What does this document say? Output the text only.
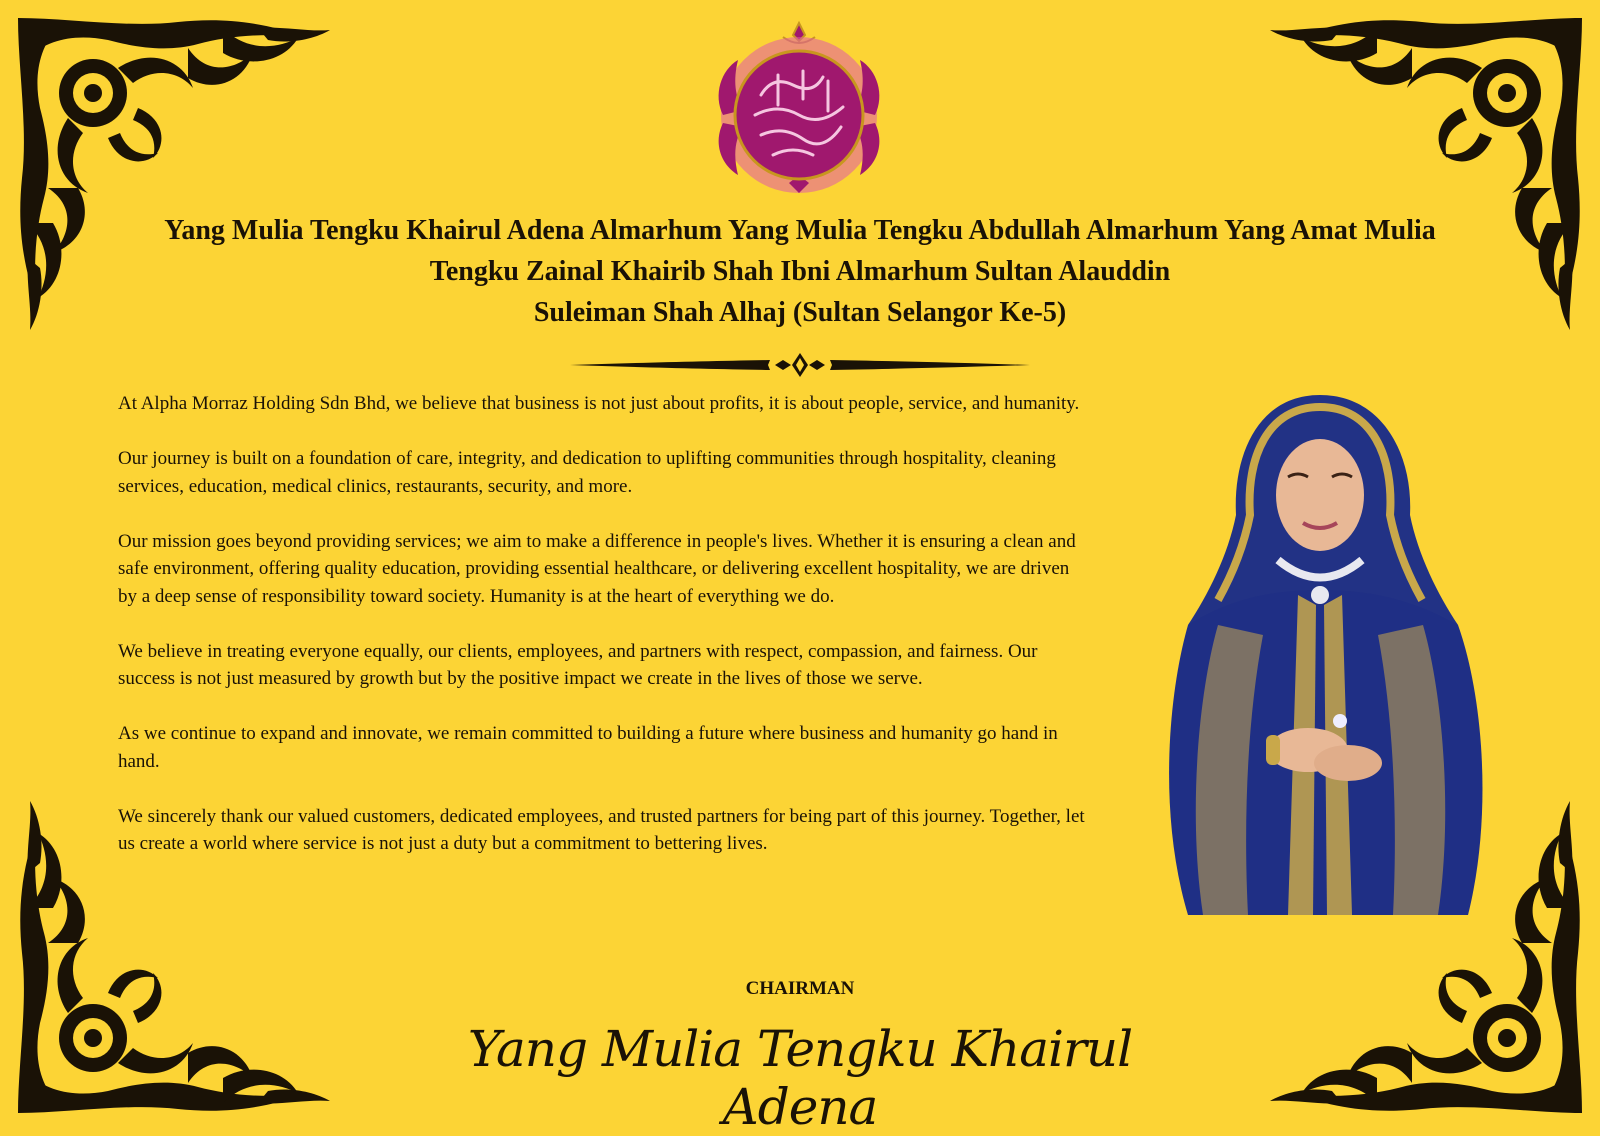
Yang Mulia Tengku Khairul Adena Almarhum Yang Mulia Tengku Abdullah Almarhum Yang Amat Mulia
Tengku Zainal Khairib Shah Ibni Almarhum Sultan Alauddin
Suleiman Shah Alhaj (Sultan Selangor Ke-5)

At Alpha Morraz Holding Sdn Bhd, we believe that business is not just about profits, it is about people, service, and humanity.

Our journey is built on a foundation of care, integrity, and dedication to uplifting communities through hospitality, cleaning services, education, medical clinics, restaurants, security, and more.

Our mission goes beyond providing services; we aim to make a difference in people's lives. Whether it is ensuring a clean and safe environment, offering quality education, providing essential healthcare, or delivering excellent hospitality, we are driven by a deep sense of responsibility toward society. Humanity is at the heart of everything we do.

We believe in treating everyone equally, our clients, employees, and partners with respect, compassion, and fairness. Our success is not just measured by growth but by the positive impact we create in the lives of those we serve.

As we continue to expand and innovate, we remain committed to building a future where business and humanity go hand in hand.

We sincerely thank our valued customers, dedicated employees, and trusted partners for being part of this journey. Together, let us create a world where service is not just a duty but a commitment to bettering lives.

CHAIRMAN
Yang Mulia Tengku Khairul Adena
